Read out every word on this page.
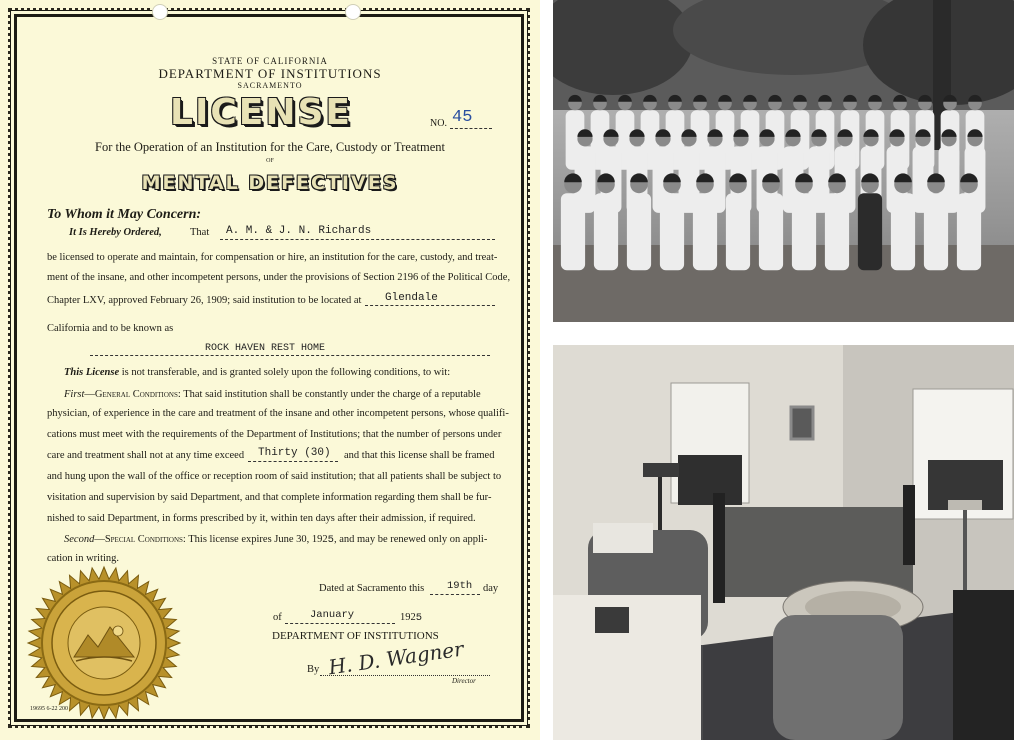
STATE OF CALIFORNIA
DEPARTMENT OF INSTITUTIONS
SACRAMENTO
LICENSE	NO. 45
For the Operation of an Institution for the Care, Custody or Treatment
OF
MENTAL DEFECTIVES
To Whom it May Concern:
It Is Hereby Ordered,	That A. M. & J. N. Richards
be licensed to operate and maintain, for compensation or hire, an institution for the care, custody, and treat-
ment of the insane, and other incompetent persons, under the provisions of Section 2196 of the Political Code,
Chapter LXV, approved February 26, 1909; said institution to be located at Glendale
California and to be known as
ROCK HAVEN REST HOME
This License is not transferable, and is granted solely upon the following conditions, to wit:
First—General Conditions: That said institution shall be constantly under the charge of a reputable
physician, of experience in the care and treatment of the insane and other incompetent persons, whose qualifi-
cations must meet with the requirements of the Department of Institutions; that the number of persons under
care and treatment shall not at any time exceed Thirty (30) and that this license shall be framed
and hung upon the wall of the office or reception room of said institution; that all patients shall be subject to
visitation and supervision by said Department, and that complete information regarding them shall be fur-
nished to said Department, in forms prescribed by it, within ten days after their admission, if required.
Second—Special Conditions: This license expires June 30, 1925, and may be renewed only on appli-
cation in writing.
Dated at Sacramento this 19th day
of	January	1925
DEPARTMENT OF INSTITUTIONS
By H. D. Wagner
Director
19695 6-22 200
